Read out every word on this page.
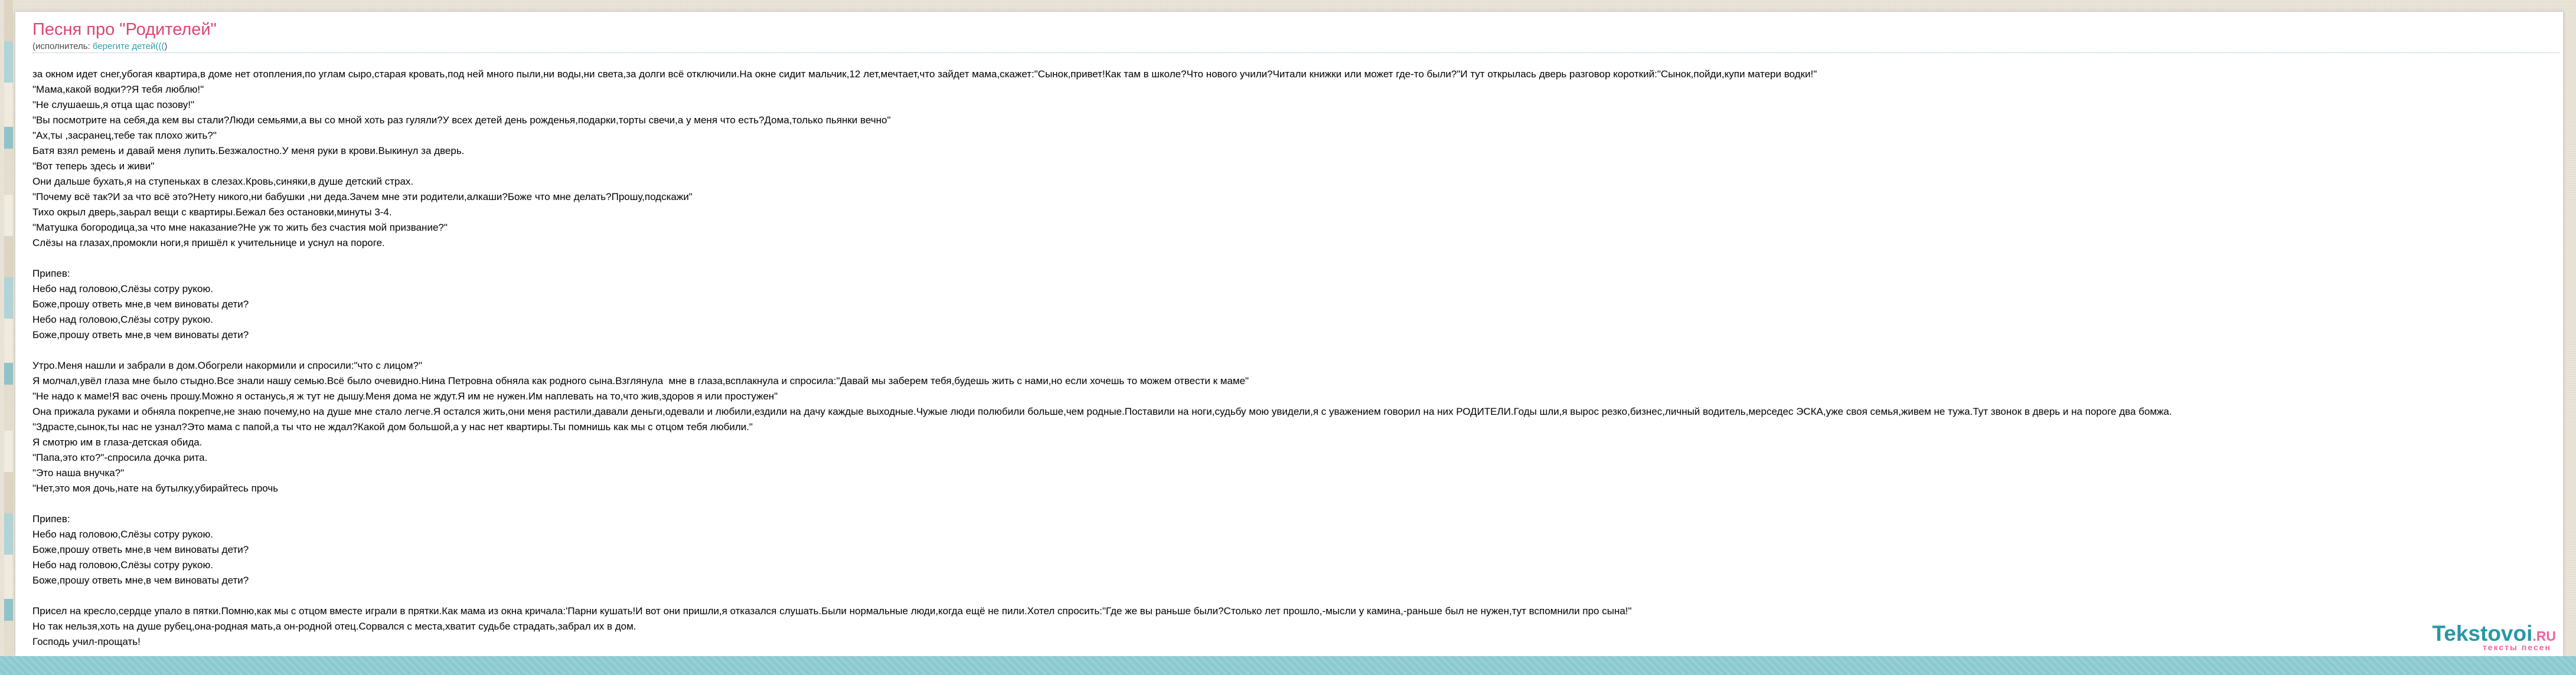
Песня про "Родителей"
(исполнитель: берегите детей((()
за окном идет снег,убогая квартира,в доме нет отопления,по углам сыро,старая кровать,под ней много пыли,ни воды,ни света,за долги всё отключили.На окне сидит мальчик,12 лет,мечтает,что зайдет мама,скажет:"Сынок,привет!Как там в школе?Что нового учили?Читали книжки или может где-то были?"И тут открылась дверь разговор короткий:"Сынок,пойди,купи матери водки!"
"Мама,какой водки??Я тебя люблю!"
"Не слушаешь,я отца щас позову!"
"Вы посмотрите на себя,да кем вы стали?Люди семьями,а вы со мной хоть раз гуляли?У всех детей день рожденья,подарки,торты свечи,а у меня что есть?Дома,только пьянки вечно"
"Ах,ты ,засранец,тебе так плохо жить?"
Батя взял ремень и давай меня лупить.Безжалостно.У меня руки в крови.Выкинул за дверь.
"Вот теперь здесь и живи"
Они дальше бухать,я на ступеньках в слезах.Кровь,синяки,в душе детский страх.
"Почему всё так?И за что всё это?Нету никого,ни бабушки ,ни деда.Зачем мне эти родители,алкаши?Боже что мне делать?Прошу,подскажи"
Тихо окрыл дверь,заьрал вещи с квартиры.Бежал без остановки,минуты 3-4.
"Матушка богородица,за что мне наказание?Не уж то жить без счастия мой призвание?"
Слёзы на глазах,промокли ноги,я пришёл к учительнице и уснул на пороге.

Припев:
Небо над головою,Слёзы сотру рукою.
Боже,прошу ответь мне,в чем виноваты дети?
Небо над головою,Слёзы сотру рукою.
Боже,прошу ответь мне,в чем виноваты дети?

Утро.Меня нашли и забрали в дом.Обогрели накормили и спросили:"что с лицом?"
Я молчал,увёл глаза мне было стыдно.Все знали нашу семью.Всё было очевидно.Нина Петровна обняла как родного сына.Взглянула  мне в глаза,всплакнула и спросила:"Давай мы заберем тебя,будешь жить с нами,но если хочешь то можем отвести к маме"
"Не надо к маме!Я вас очень прошу.Можно я останусь,я ж тут не дышу.Меня дома не ждут.Я им не нужен.Им наплевать на то,что жив,здоров я или простужен"
Она прижала руками и обняла покрепче,не знаю почему,но на душе мне стало легче.Я остался жить,они меня растили,давали деньги,одевали и любили,ездили на дачу каждые выходные.Чужые люди полюбили больше,чем родные.Поставили на ноги,судьбу мою увидели,я с уважением говорил на них РОДИТЕЛИ.Годы шли,я вырос резко,бизнес,личный водитель,мерседес ЭСКА,уже своя семья,живем не тужа.Тут звонок в дверь и на пороге два бомжа.
"Здрасте,сынок,ты нас не узнал?Это мама с папой,а ты что не ждал?Какой дом большой,а у нас нет квартиры.Ты помнишь как мы с отцом тебя любили."
Я смотрю им в глаза-детская обида.
"Папа,это кто?"-спросила дочка рита.
"Это наша внучка?"
"Нет,это моя дочь,нате на бутылку,убирайтесь прочь

Припев:
Небо над головою,Слёзы сотру рукою.
Боже,прошу ответь мне,в чем виноваты дети?
Небо над головою,Слёзы сотру рукою.
Боже,прошу ответь мне,в чем виноваты дети?

Присел на кресло,сердце упало в пятки.Помню,как мы с отцом вместе играли в прятки.Как мама из окна кричала:'Парни кушать!И вот они пришли,я отказался слушать.Были нормальные люди,когда ещё не пили.Хотел спросить:"Где же вы раньше были?Столько лет прошло,-мысли у камина,-раньше был не нужен,тут вспомнили про сына!"
Но так нельзя,хоть на душе рубец,она-родная мать,а он-родной отец.Сорвался с места,хватит судьбе страдать,забрал их в дом.
Господь учил-прощать!	Tekstovoi.RU
тексты песен
